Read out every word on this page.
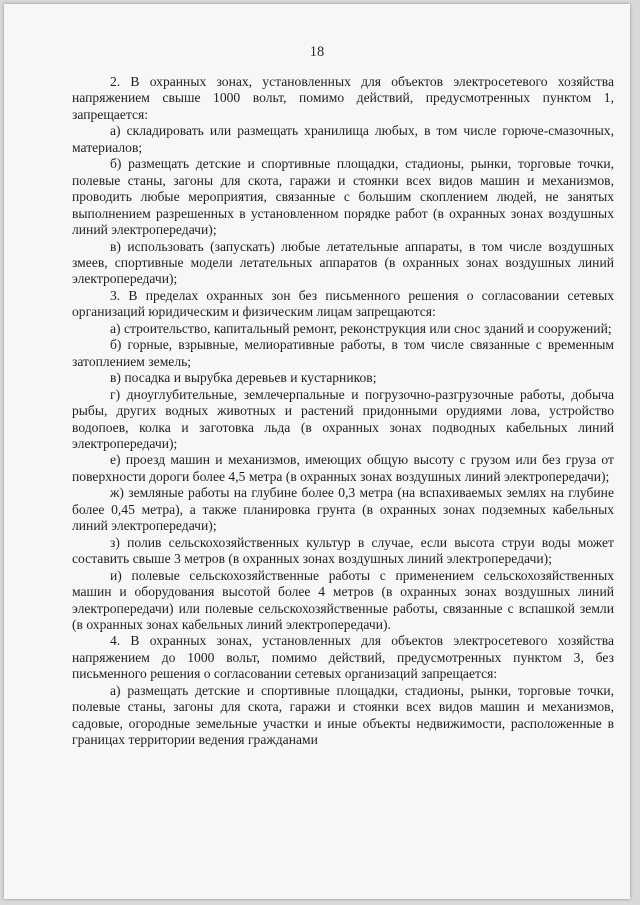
18

2. В охранных зонах, установленных для объектов электросетевого хозяйства напряжением свыше 1000 вольт, помимо действий, предусмотренных пунктом 1, запрещается:

а) складировать или размещать хранилища любых, в том числе горюче-смазочных, материалов;

б) размещать детские и спортивные площадки, стадионы, рынки, торговые точки, полевые станы, загоны для скота, гаражи и стоянки всех видов машин и механизмов, проводить любые мероприятия, связанные с большим скоплением людей, не занятых выполнением разрешенных в установленном порядке работ (в охранных зонах воздушных линий электропередачи);

в) использовать (запускать) любые летательные аппараты, в том числе воздушных змеев, спортивные модели летательных аппаратов (в охранных зонах воздушных линий электропередачи);

3. В пределах охранных зон без письменного решения о согласовании сетевых организаций юридическим и физическим лицам запрещаются:

а) строительство, капитальный ремонт, реконструкция или снос зданий и сооружений;

б) горные, взрывные, мелиоративные работы, в том числе связанные с временным затоплением земель;

в) посадка и вырубка деревьев и кустарников;

г) дноуглубительные, землечерпальные и погрузочно-разгрузочные работы, добыча рыбы, других водных животных и растений придонными орудиями лова, устройство водопоев, колка и заготовка льда (в охранных зонах подводных кабельных линий электропередачи);

е) проезд машин и механизмов, имеющих общую высоту с грузом или без груза от поверхности дороги более 4,5 метра (в охранных зонах воздушных линий электропередачи);

ж) земляные работы на глубине более 0,3 метра (на вспахиваемых землях на глубине более 0,45 метра), а также планировка грунта (в охранных зонах подземных кабельных линий электропередачи);

з) полив сельскохозяйственных культур в случае, если высота струи воды может составить свыше 3 метров (в охранных зонах воздушных линий электропередачи);

и) полевые сельскохозяйственные работы с применением сельскохозяйственных машин и оборудования высотой более 4 метров (в охранных зонах воздушных линий электропередачи) или полевые сельскохозяйственные работы, связанные с вспашкой земли (в охранных зонах кабельных линий электропередачи).

4. В охранных зонах, установленных для объектов электросетевого хозяйства напряжением до 1000 вольт, помимо действий, предусмотренных пунктом 3, без письменного решения о согласовании сетевых организаций запрещается:

а) размещать детские и спортивные площадки, стадионы, рынки, торговые точки, полевые станы, загоны для скота, гаражи и стоянки всех видов машин и механизмов, садовые, огородные земельные участки и иные объекты недвижимости, расположенные в границах территории ведения гражданами
